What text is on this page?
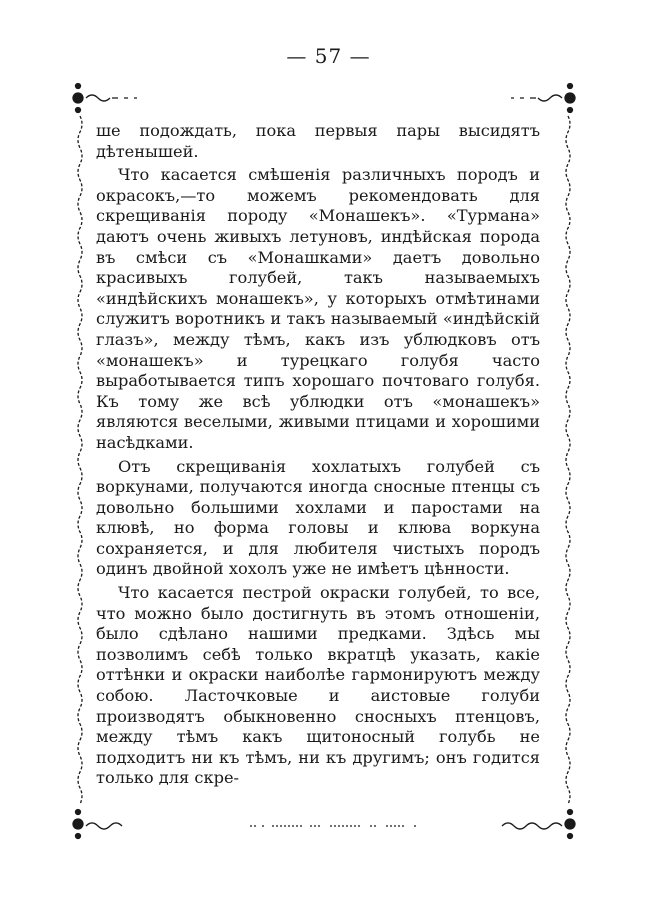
— 57 —

ше подождать, пока первыя пары высидятъ дѣтенышей.

Что касается смѣшенія различныхъ породъ и окрасокъ,—то можемъ рекомендовать для скрещиванія породу «Монашекъ». «Турмана» даютъ очень живыхъ летуновъ, индѣйская порода въ смѣси съ «Монашками» даетъ довольно красивыхъ голубей, такъ называемыхъ «индѣйскихъ монашекъ», у которыхъ отмѣтинами служитъ воротникъ и такъ называемый «индѣйскій глазъ», между тѣмъ, какъ изъ ублюдковъ отъ «монашекъ» и турецкаго голубя часто выработывается типъ хорошаго почтоваго голубя. Къ тому же всѣ ублюдки отъ «монашекъ» являются веселыми, живыми птицами и хорошими насѣдками.

Отъ скрещиванія хохлатыхъ голубей съ воркунами, получаются иногда сносные птенцы съ довольно большими хохлами и паростами на клювѣ, но форма головы и клюва воркуна сохраняется, и для любителя чистыхъ породъ одинъ двойной хохолъ уже не имѣетъ цѣнности.

Что касается пестрой окраски голубей, то все, что можно было достигнуть въ этомъ отношеніи, было сдѣлано нашими предками. Здѣсь мы позволимъ себѣ только вкратцѣ указать, какіе оттѣнки и окраски наиболѣе гармонируютъ между собою. Ласточковые и аистовые голуби производятъ обыкновенно сносныхъ птенцовъ, между тѣмъ какъ щитоносный голубь не подходитъ ни къ тѣмъ, ни къ другимъ; онъ годится только для скре-
